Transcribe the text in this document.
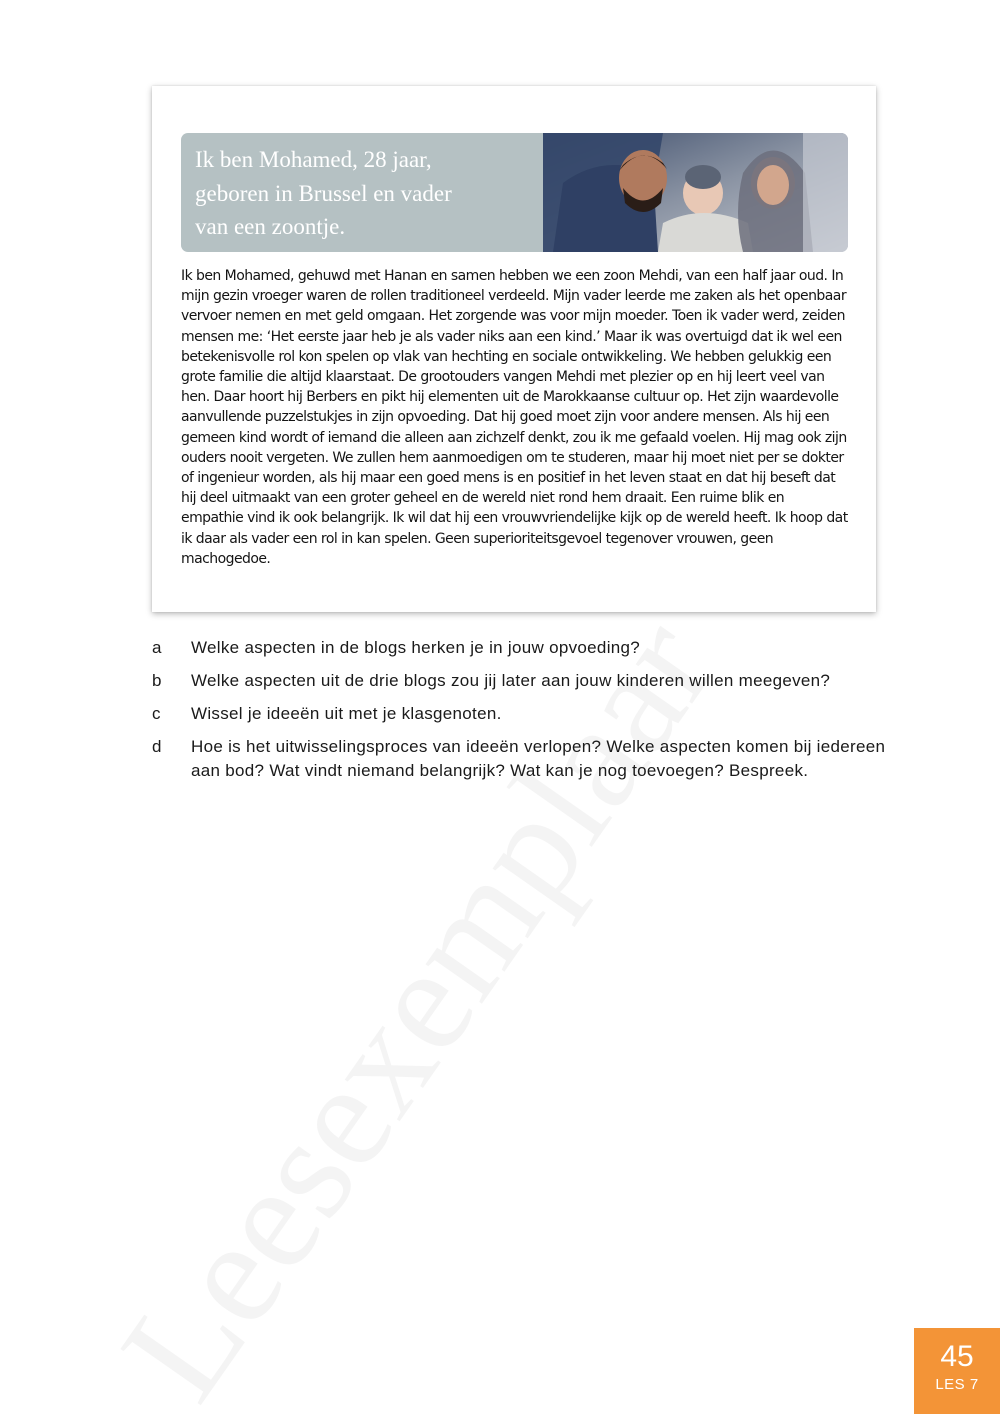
Ik ben Mohamed, 28 jaar,
geboren in Brussel en vader
van een zoontje.

Ik ben Mohamed, gehuwd met Hanan en samen hebben we een zoon Mehdi, van een half jaar oud. In mijn gezin vroeger waren de rollen traditioneel verdeeld. Mijn vader leerde me zaken als het openbaar vervoer nemen en met geld omgaan. Het zorgende was voor mijn moeder. Toen ik vader werd, zeiden mensen me: ‘Het eerste jaar heb je als vader niks aan een kind.’ Maar ik was overtuigd dat ik wel een betekenisvolle rol kon spelen op vlak van hechting en sociale ontwikkeling. We hebben gelukkig een grote familie die altijd klaarstaat. De grootouders vangen Mehdi met plezier op en hij leert veel van hen. Daar hoort hij Berbers en pikt hij elementen uit de Marokkaanse cultuur op. Het zijn waardevolle aanvullende puzzelstukjes in zijn opvoeding. Dat hij goed moet zijn voor andere mensen. Als hij een gemeen kind wordt of iemand die alleen aan zichzelf denkt, zou ik me gefaald voelen. Hij mag ook zijn ouders nooit vergeten. We zullen hem aanmoedigen om te studeren, maar hij moet niet per se dokter of ingenieur worden, als hij maar een goed mens is en positief in het leven staat en dat hij beseft dat hij deel uitmaakt van een groter geheel en de wereld niet rond hem draait. Een ruime blik en empathie vind ik ook belangrijk. Ik wil dat hij een vrouwvriendelijke kijk op de wereld heeft. Ik hoop dat ik daar als vader een rol in kan spelen. Geen superioriteitsgevoel tegenover vrouwen, geen machogedoe.

a	Welke aspecten in de blogs herken je in jouw opvoeding?
b	Welke aspecten uit de drie blogs zou jij later aan jouw kinderen willen meegeven?
c	Wissel je ideeën uit met je klasgenoten.
d	Hoe is het uitwisselingsproces van ideeën verlopen? Welke aspecten komen bij iedereen aan bod? Wat vindt niemand belangrijk? Wat kan je nog toevoegen? Bespreek.
45
LES 7
